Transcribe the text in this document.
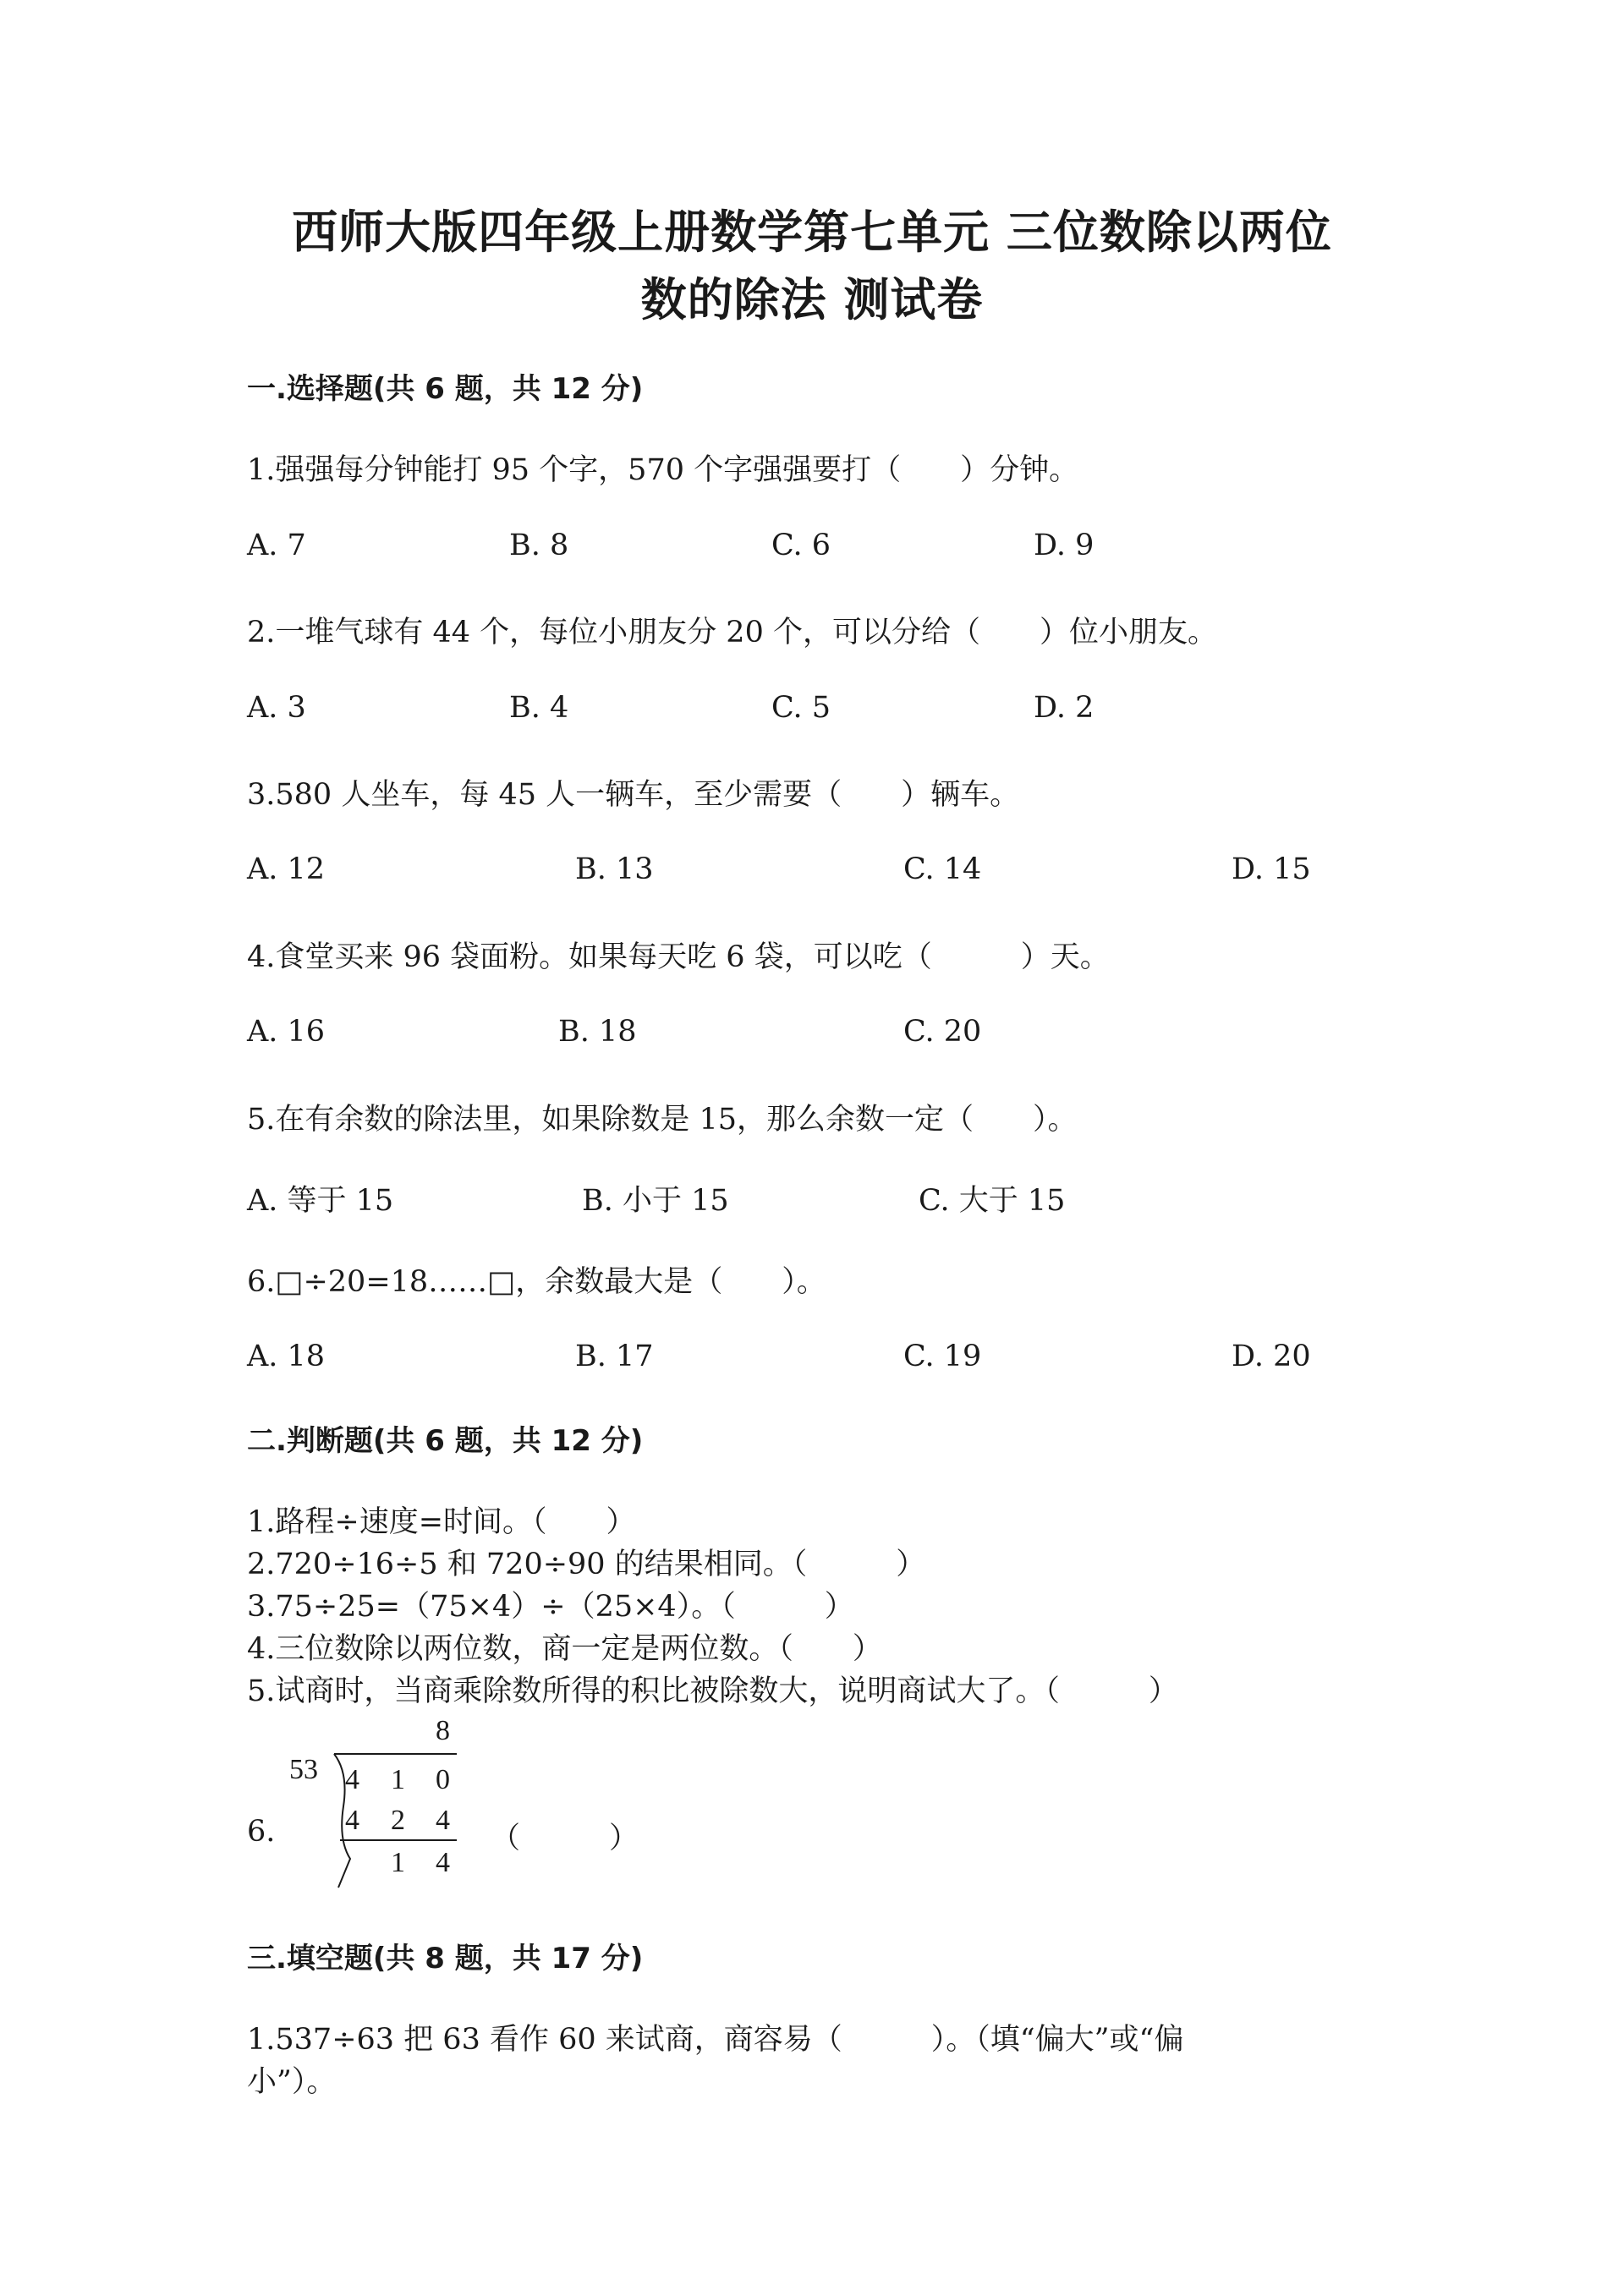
西师大版四年级上册数学第七单元 三位数除以两位
数的除法 测试卷
一.选择题(共 6 题，共 12 分)
1.强强每分钟能打 95 个字，570 个字强强要打（　　）分钟。
A. 7	B. 8	C. 6	D. 9
2.一堆气球有 44 个，每位小朋友分 20 个，可以分给（　　）位小朋友。
A. 3	B. 4	C. 5	D. 2
3.580 人坐车，每 45 人一辆车，至少需要（　　）辆车。
A. 12	B. 13	C. 14	D. 15
4.食堂买来 96 袋面粉。如果每天吃 6 袋，可以吃（　　　）天。
A. 16	B. 18	C. 20
5.在有余数的除法里，如果除数是 15，那么余数一定（　　）。
A. 等于 15	B. 小于 15	C. 大于 15
6.□÷20=18……□，余数最大是（　　）。
A. 18	B. 17	C. 19	D. 20
二.判断题(共 6 题，共 12 分)
1.路程÷速度=时间。（　　）
2.720÷16÷5 和 720÷90 的结果相同。（　　　）
3.75÷25=（75×4）÷（25×4）。（　　　）
4.三位数除以两位数，商一定是两位数。（　　）
5.试商时，当商乘除数所得的积比被除数大，说明商试大了。（　　　）
6.
8
53 4 1 0
4 2 4
1 4
（　　　）
三.填空题(共 8 题，共 17 分)
1.537÷63 把 63 看作 60 来试商，商容易（　　　）。（填“偏大”或“偏
小”）。
